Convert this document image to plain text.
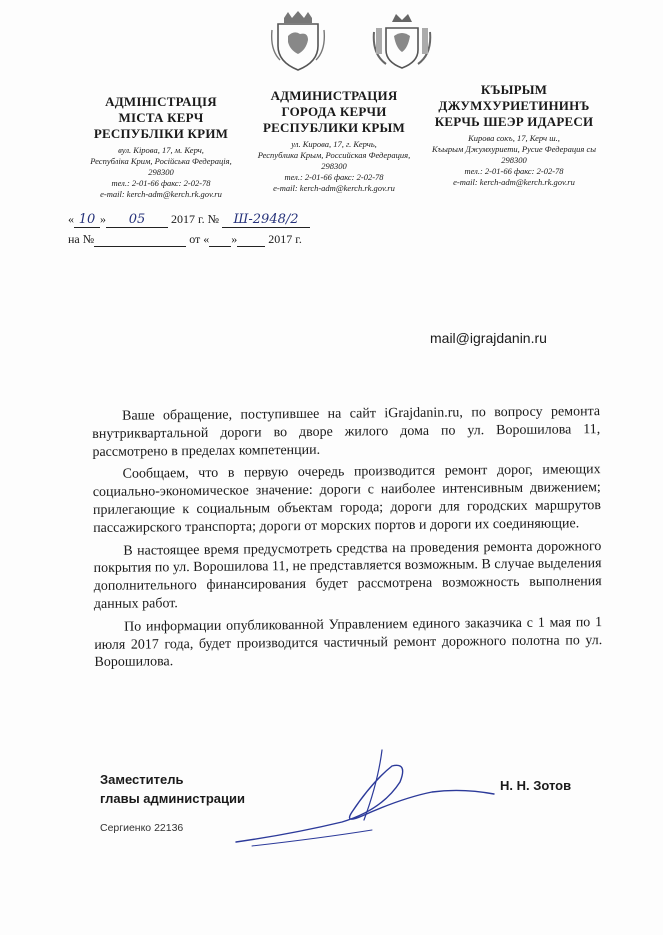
АДМІНІСТРАЦІЯ
МІСТА КЕРЧ
РЕСПУБЛІКИ КРИМ
вул. Кірова, 17, м. Керч,
Республіка Крим, Російська Федерація,
298300
тел.: 2-01-66 факс: 2-02-78
e-mail: kerch-adm@kerch.rk.gov.ru
АДМИНИСТРАЦИЯ
ГОРОДА КЕРЧИ
РЕСПУБЛИКИ КРЫМ
ул. Кирова, 17, г. Керчь,
Республика Крым, Российская Федерация,
298300
тел.: 2-01-66 факс: 2-02-78
e-mail: kerch-adm@kerch.rk.gov.ru
КЪЫРЫМ
ДЖУМХУРИЕТИНИНЪ
КЕРЧЬ ШЕЭР ИДАРЕСИ
Кирова сокъ, 17, Керч ш.,
Къырым Джумхуриети, Русие Федерация сы
298300
тел.: 2-01-66 факс: 2-02-78
e-mail: kerch-adm@kerch.rk.gov.ru
« 10 » 05 2017 г. № Ш-2948/2
на №	от « »	2017 г.
mail@igrajdanin.ru

Ваше обращение, поступившее на сайт iGrajdanin.ru, по вопросу ремонта внутриквартальной дороги во дворе жилого дома по ул. Ворошилова 11, рассмотрено в пределах компетенции.

Сообщаем, что в первую очередь производится ремонт дорог, имеющих социально-экономическое значение: дороги с наиболее интенсивным движением; прилегающие к социальным объектам города; дороги для городских маршрутов пассажирского транспорта; дороги от морских портов и дороги их соединяющие.

В настоящее время предусмотреть средства на проведения ремонта дорожного покрытия по ул. Ворошилова 11, не представляется возможным. В случае выделения дополнительного финансирования будет рассмотрена возможность выполнения данных работ.

По информации опубликованной Управлением единого заказчика с 1 мая по 1 июля 2017 года, будет производится частичный ремонт дорожного полотна по ул. Ворошилова.

Заместитель
главы администрации
Н. Н. Зотов
Сергиенко 22136
